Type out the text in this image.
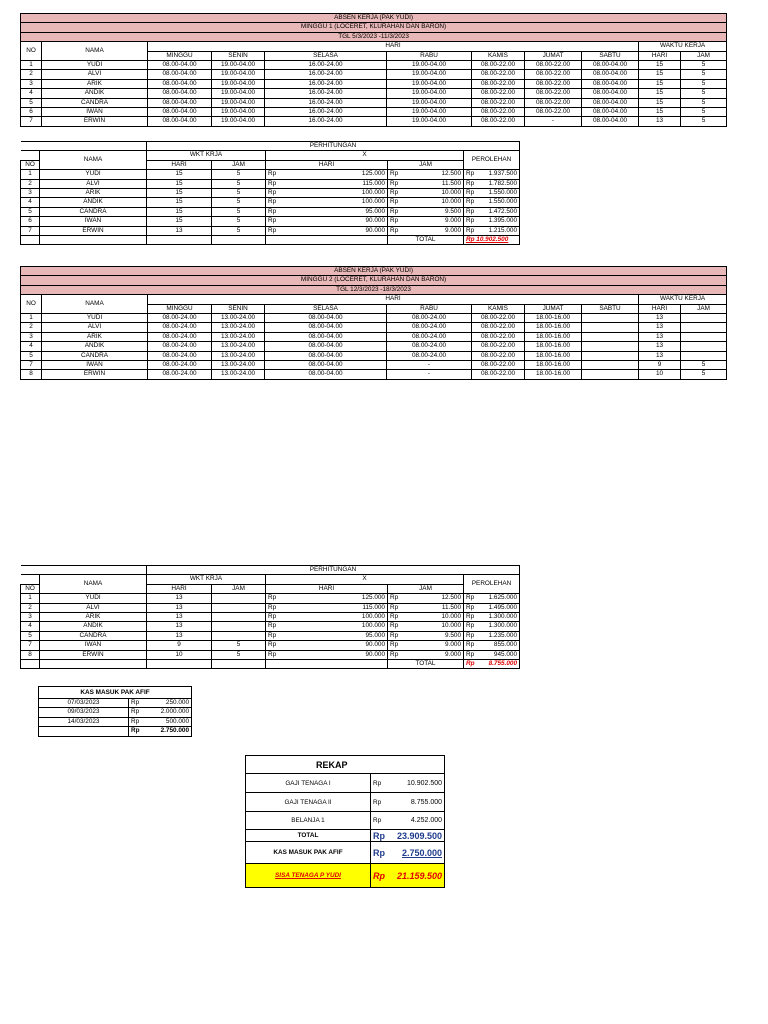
ABSEN KERJA (PAK YUDI)										
MINGGU 1 (LOCERET, KLURAHAN DAN BARON)										
TGL 5/3/2023 -11/3/2023										
NO	NAMA	HARI							WAKTU KERJA	
		MINGGU	SENIN	SELASA	RABU	KAMIS	JUMAT	SABTU	HARI	JAM
1	YUDI	08.00-04.00	19.00-04.00	16.00-24.00	19.00-04.00	08.00-22.00	08.00-22.00	08.00-04.00	15	5
2	ALVI	08.00-04.00	19.00-04.00	16.00-24.00	19.00-04.00	08.00-22.00	08.00-22.00	08.00-04.00	15	5
3	ARIK	08.00-04.00	19.00-04.00	16.00-24.00	19.00-04.00	08.00-22.00	08.00-22.00	08.00-04.00	15	5
4	ANDIK	08.00-04.00	19.00-04.00	16.00-24.00	19.00-04.00	08.00-22.00	08.00-22.00	08.00-04.00	15	5
5	CANDRA	08.00-04.00	19.00-04.00	16.00-24.00	19.00-04.00	08.00-22.00	08.00-22.00	08.00-04.00	15	5
6	IWAN	08.00-04.00	19.00-04.00	16.00-24.00	19.00-04.00	08.00-22.00	08.00-22.00	08.00-04.00	15	5
7	ERWIN	08.00-04.00	19.00-04.00	16.00-24.00	19.00-04.00	08.00-22.00	-	08.00-04.00	13	5
		PERHITUNGAN							
	NAMA	WKT KRJA		X				PEROLEHAN	
NO		HARI	JAM	HARI		JAM			
1	YUDI	15	5	Rp	125.000	Rp	12.500	Rp	1.937.500
2	ALVI	15	5	Rp	115.000	Rp	11.500	Rp	1.782.500
3	ARIK	15	5	Rp	100.000	Rp	10.000	Rp	1.550.000
4	ANDIK	15	5	Rp	100.000	Rp	10.000	Rp	1.550.000
5	CANDRA	15	5	Rp	95.000	Rp	9.500	Rp	1.472.500
6	IWAN	15	5	Rp	90.000	Rp	9.000	Rp	1.395.000
7	ERWIN	13	5	Rp	90.000	Rp	9.000	Rp	1.215.000
						TOTAL		Rp 10.902.500	
ABSEN KERJA (PAK YUDI)										
MINGGU 2 (LOCERET, KLURAHAN DAN BARON)										
TGL 12/3/2023 -18/3/2023										
NO	NAMA	HARI							WAKTU KERJA	
		MINGGU	SENIN	SELASA	RABU	KAMIS	JUMAT	SABTU	HARI	JAM
1	YUDI	08.00-24.00	13.00-24.00	08.00-04.00	08.00-24.00	08.00-22.00	18.00-16.00		13	
2	ALVI	08.00-24.00	13.00-24.00	08.00-04.00	08.00-24.00	08.00-22.00	18.00-16.00		13	
3	ARIK	08.00-24.00	13.00-24.00	08.00-04.00	08.00-24.00	08.00-22.00	18.00-16.00		13	
4	ANDIK	08.00-24.00	13.00-24.00	08.00-04.00	08.00-24.00	08.00-22.00	18.00-16.00		13	
5	CANDRA	08.00-24.00	13.00-24.00	08.00-04.00	08.00-24.00	08.00-22.00	18.00-16.00		13	
7	IWAN	08.00-24.00	13.00-24.00	08.00-04.00	-	08.00-22.00	18.00-16.00		9	5
8	ERWIN	08.00-24.00	13.00-24.00	08.00-04.00	-	08.00-22.00	18.00-16.00		10	5
		PERHITUNGAN							
	NAMA	WKT KRJA		X				PEROLEHAN	
NO		HARI	JAM	HARI		JAM			
1	YUDI	13		Rp	125.000	Rp	12.500	Rp	1.625.000
2	ALVI	13		Rp	115.000	Rp	11.500	Rp	1.495.000
3	ARIK	13		Rp	100.000	Rp	10.000	Rp	1.300.000
4	ANDIK	13		Rp	100.000	Rp	10.000	Rp	1.300.000
5	CANDRA	13		Rp	95.000	Rp	9.500	Rp	1.235.000
7	IWAN	9	5	Rp	90.000	Rp	9.000	Rp	855.000
8	ERWIN	10	5	Rp	90.000	Rp	9.000	Rp	945.000
						TOTAL		Rp	8.755.000
KAS MASUK PAK AFIF		
07/03/2023	Rp	250.000
09/03/2023	Rp	2.000.000
14/03/2023	Rp	500.000
	Rp	2.750.000
REKAP		
GAJI TENAGA I	Rp	10.902.500
GAJI TENAGA II	Rp	8.755.000
BELANJA 1	Rp	4.252.000
TOTAL	Rp	23.909.500
KAS MASUK PAK AFIF	Rp	2.750.000
SISA TENAGA P YUDI	Rp	21.159.500
